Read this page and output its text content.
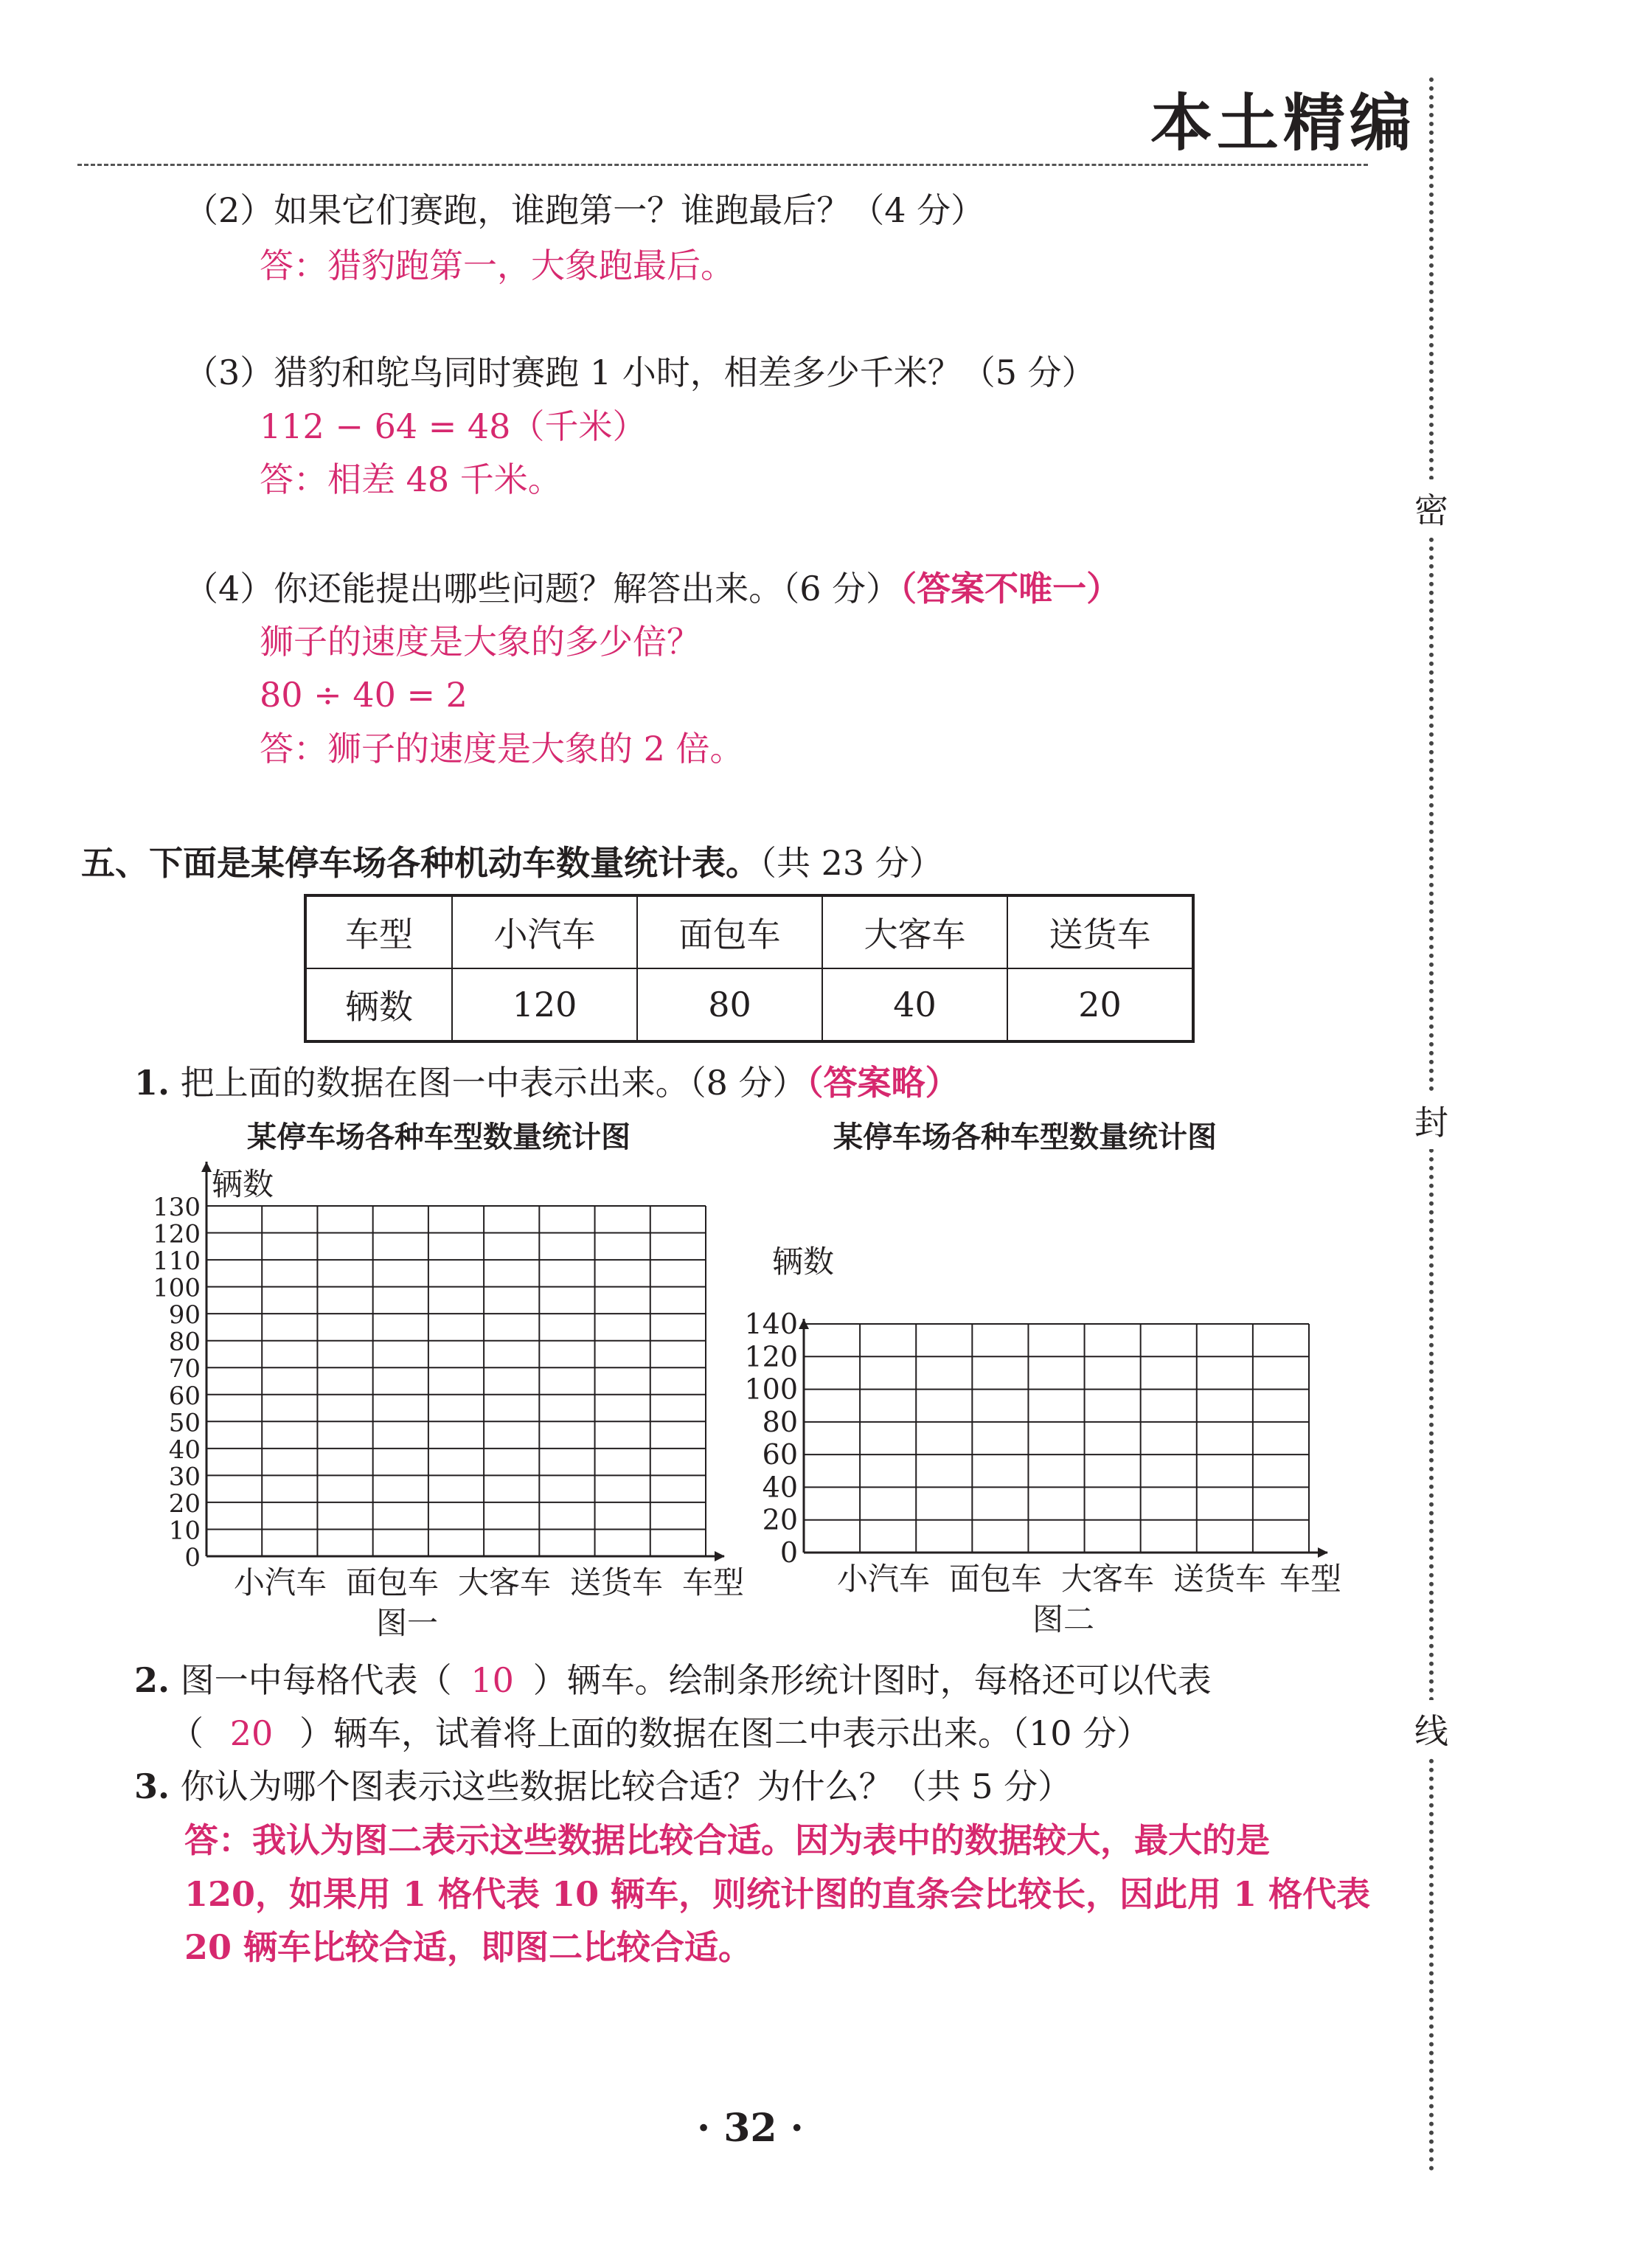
本土精编
密
封
线
（2）如果它们赛跑，谁跑第一？谁跑最后？（4 分）
答：猎豹跑第一，大象跑最后。
（3）猎豹和鸵鸟同时赛跑 1 小时，相差多少千米？（5 分）
112 − 64 = 48（千米）
答：相差 48 千米。
（4）你还能提出哪些问题？解答出来。（6 分）（答案不唯一）
狮子的速度是大象的多少倍？
80 ÷ 40 = 2
答：狮子的速度是大象的 2 倍。
五、下面是某停车场各种机动车数量统计表。（共 23 分）
车型	小汽车	面包车	大客车	送货车
辆数	120	80	40	20
1. 把上面的数据在图一中表示出来。（8 分）（答案略）
某停车场各种车型数量统计图
0
10
20
30
40
50
60
70
80
90
100
110
120
130
辆数
小汽车 面包车 大客车 送货车 车型
图一
某停车场各种车型数量统计图
0
20
40
60
80
100
120
140
辆数
小汽车 面包车 大客车 送货车 车型
图二
2. 图一中每格代表（ 10 ）辆车。绘制条形统计图时，每格还可以代表
（ 20 ）辆车，试着将上面的数据在图二中表示出来。（10 分）
3. 你认为哪个图表示这些数据比较合适？为什么？（共 5 分）
答：我认为图二表示这些数据比较合适。因为表中的数据较大，最大的是
120，如果用 1 格代表 10 辆车，则统计图的直条会比较长，因此用 1 格代表
20 辆车比较合适，即图二比较合适。
· 32 ·
